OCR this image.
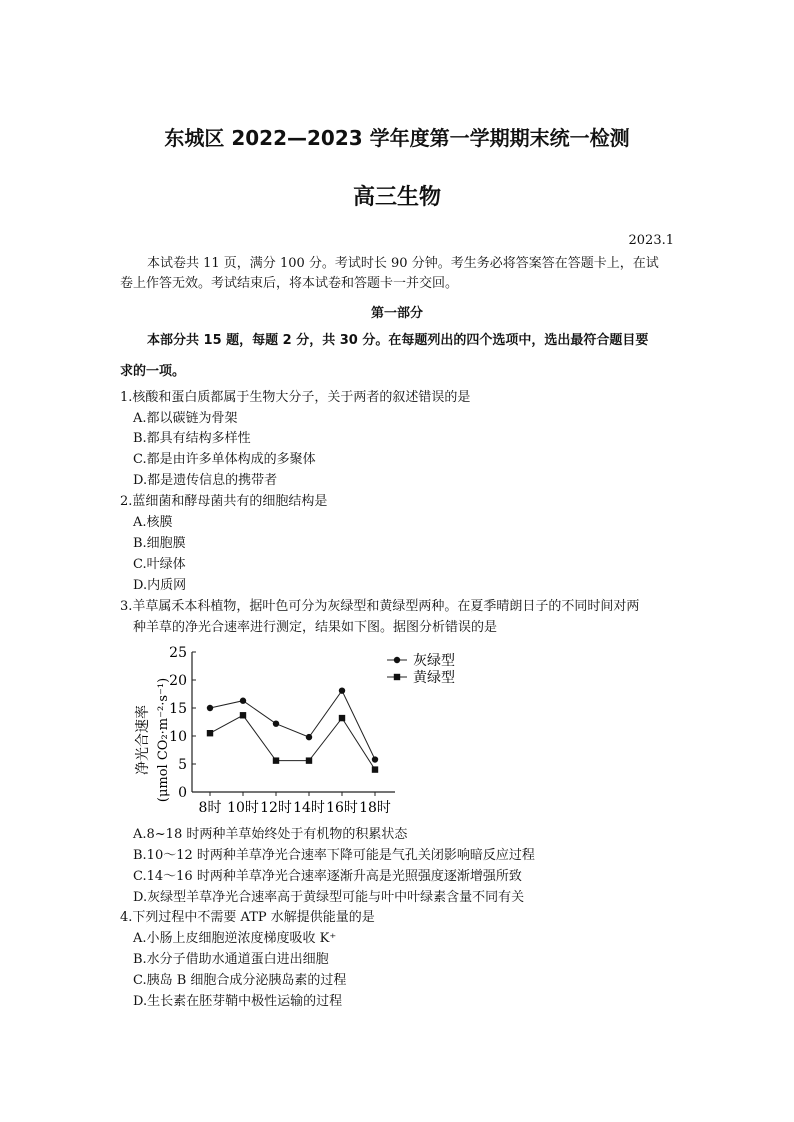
东城区 2022—2023 学年度第一学期期末统一检测
高三生物
2023.1
本试卷共 11 页，满分 100 分。考试时长 90 分钟。考生务必将答案答在答题卡上，在试
卷上作答无效。考试结束后，将本试卷和答题卡一并交回。
第一部分
本部分共 15 题，每题 2 分，共 30 分。在每题列出的四个选项中，选出最符合题目要
求的一项。
1.核酸和蛋白质都属于生物大分子，关于两者的叙述错误的是
A.都以碳链为骨架
B.都具有结构多样性
C.都是由许多单体构成的多聚体
D.都是遗传信息的携带者
2.蓝细菌和酵母菌共有的细胞结构是
A.核膜
B.细胞膜
C.叶绿体
D.内质网
3.羊草属禾本科植物，据叶色可分为灰绿型和黄绿型两种。在夏季晴朗日子的不同时间对两
种羊草的净光合速率进行测定，结果如下图。据图分析错误的是
净光合速率 (μmol CO₂·m⁻²·s⁻¹) 0
5
10
15
20
25
8时 10时 12时 14时 16时 18时
灰绿型
黄绿型
A.8~18 时两种羊草始终处于有机物的积累状态
B.10～12 时两种羊草净光合速率下降可能是气孔关闭影响暗反应过程
C.14～16 时两种羊草净光合速率逐渐升高是光照强度逐渐增强所致
D.灰绿型羊草净光合速率高于黄绿型可能与叶中叶绿素含量不同有关
4.下列过程中不需要 ATP 水解提供能量的是
A.小肠上皮细胞逆浓度梯度吸收 K⁺
B.水分子借助水通道蛋白进出细胞
C.胰岛 B 细胞合成分泌胰岛素的过程
D.生长素在胚芽鞘中极性运输的过程
